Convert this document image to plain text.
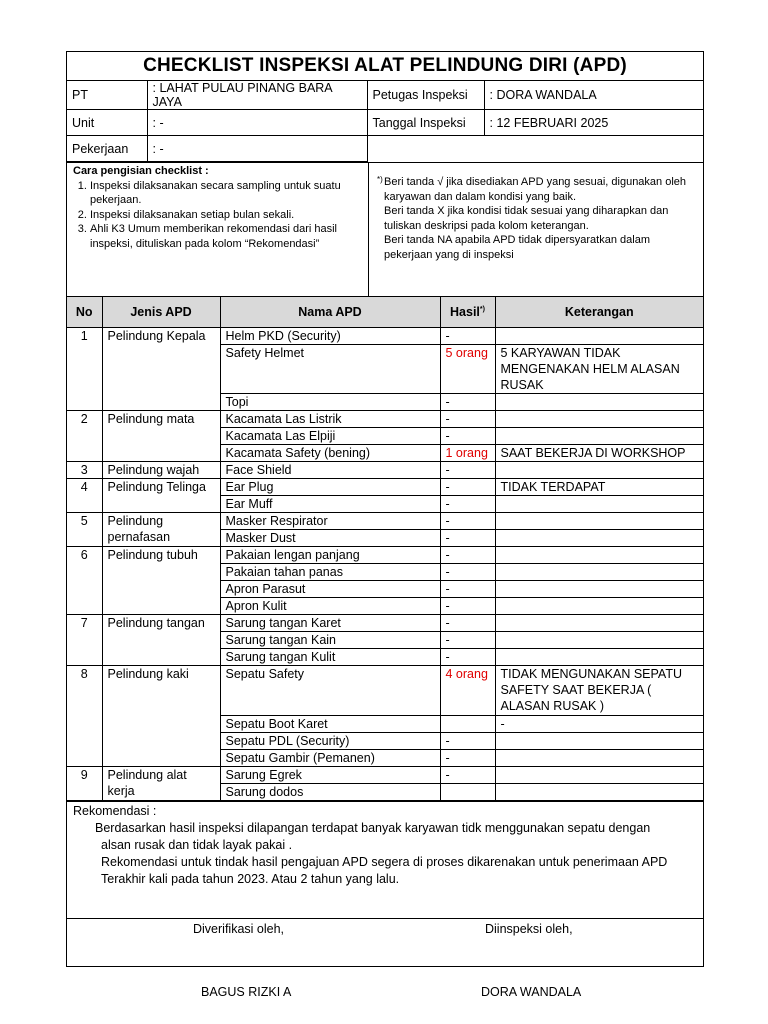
CHECKLIST INSPEKSI ALAT PELINDUNG DIRI (APD)
PT	: LAHAT PULAU PINANG BARA JAYA	Petugas Inspeksi	: DORA WANDALA
Unit	: -	Tanggal Inspeksi	: 12 FEBRUARI 2025
Pekerjaan	: -		
Cara pengisian checklist :
1. Inspeksi dilaksanakan secara sampling untuk suatu pekerjaan.
2. Inspeksi dilaksanakan setiap bulan sekali.
3. Ahli K3 Umum memberikan rekomendasi dari hasil inspeksi, dituliskan pada kolom “Rekomendasi”
*) Beri tanda √ jika disediakan APD yang sesuai, digunakan oleh karyawan dan dalam kondisi yang baik.
Beri tanda X jika kondisi tidak sesuai yang diharapkan dan tuliskan deskripsi pada kolom keterangan.
Beri tanda NA apabila APD tidak dipersyaratkan dalam pekerjaan yang di inspeksi
No	Jenis APD	Nama APD	Hasil*)	Keterangan
1	Pelindung Kepala	Helm PKD (Security)	-	
		Safety Helmet	5 orang	5 KARYAWAN TIDAK MENGENAKAN HELM ALASAN RUSAK
		Topi	-	
2	Pelindung mata	Kacamata Las Listrik	-	
		Kacamata Las Elpiji	-	
		Kacamata Safety (bening)	1 orang	SAAT BEKERJA DI WORKSHOP
3	Pelindung wajah	Face Shield	-	
4	Pelindung Telinga	Ear Plug	-	TIDAK TERDAPAT
		Ear Muff	-	
5	Pelindung pernafasan	Masker Respirator	-	
		Masker Dust	-	
6	Pelindung tubuh	Pakaian lengan panjang	-	
		Pakaian tahan panas	-	
		Apron Parasut	-	
		Apron Kulit	-	
7	Pelindung tangan	Sarung tangan Karet	-	
		Sarung tangan Kain	-	
		Sarung tangan Kulit	-	
8	Pelindung kaki	Sepatu Safety	4 orang	TIDAK MENGUNAKAN SEPATU SAFETY SAAT BEKERJA ( ALASAN RUSAK )
		Sepatu Boot Karet		-
		Sepatu PDL (Security)	-	
		Sepatu Gambir (Pemanen)	-	
9	Pelindung alat kerja	Sarung Egrek	-	
		Sarung dodos		
Rekomendasi :
Berdasarkan hasil inspeksi dilapangan terdapat banyak karyawan tidk menggunakan sepatu dengan
alsan rusak dan tidak layak pakai .
Rekomendasi untuk tindak hasil pengajuan APD segera di proses dikarenakan untuk penerimaan APD
Terakhir kali pada tahun 2023. Atau 2 tahun yang lalu.
Diverifikasi oleh,
BAGUS RIZKI A
Diinspeksi oleh,
DORA WANDALA
